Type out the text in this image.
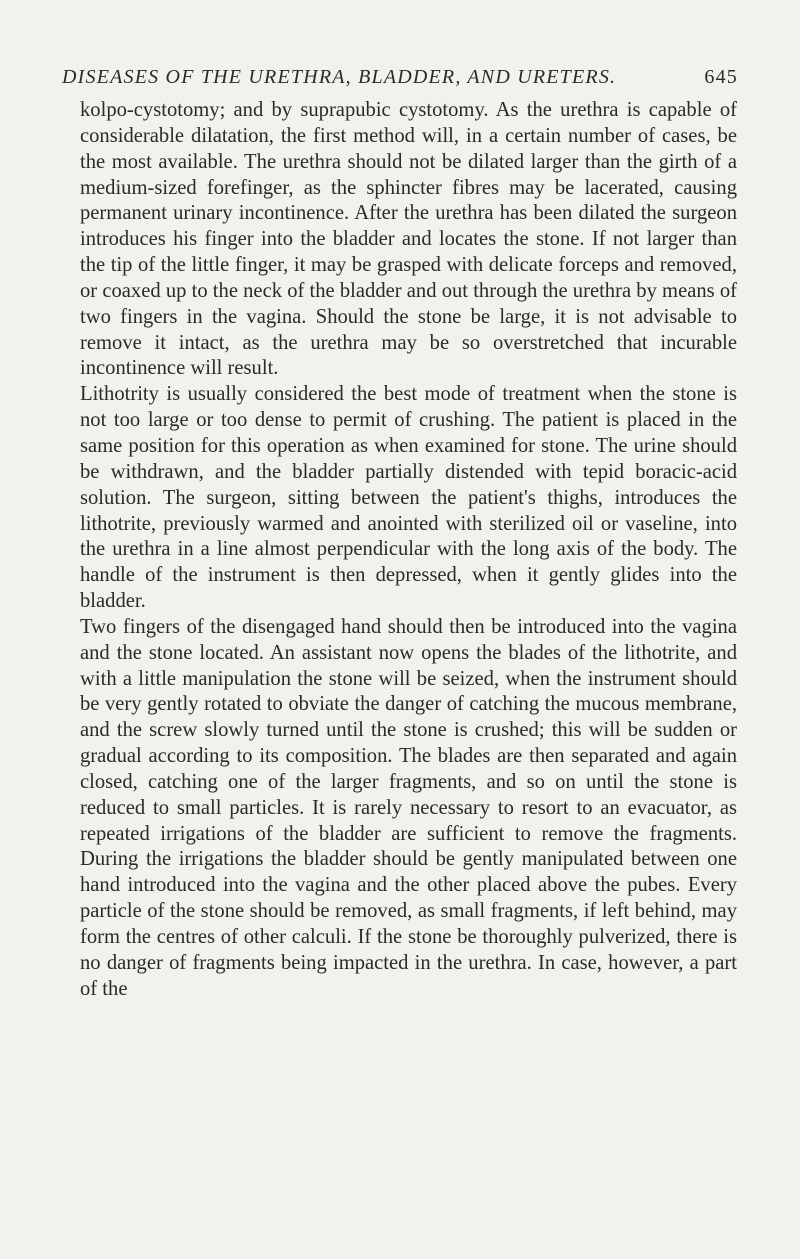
DISEASES OF THE URETHRA, BLADDER, AND URETERS.	645

kolpo-cystotomy; and by suprapubic cystotomy. As the urethra is capable of considerable dilatation, the first method will, in a certain number of cases, be the most available. The urethra should not be dilated larger than the girth of a medium-sized forefinger, as the sphincter fibres may be lacerated, causing permanent urinary incontinence. After the urethra has been dilated the surgeon introduces his finger into the bladder and locates the stone. If not larger than the tip of the little finger, it may be grasped with delicate forceps and removed, or coaxed up to the neck of the bladder and out through the urethra by means of two fingers in the vagina. Should the stone be large, it is not advisable to remove it intact, as the urethra may be so overstretched that incurable incontinence will result.

Lithotrity is usually considered the best mode of treatment when the stone is not too large or too dense to permit of crushing. The patient is placed in the same position for this operation as when examined for stone. The urine should be withdrawn, and the bladder partially distended with tepid boracic-acid solution. The surgeon, sitting between the patient's thighs, introduces the lithotrite, previously warmed and anointed with sterilized oil or vaseline, into the urethra in a line almost perpendicular with the long axis of the body. The handle of the instrument is then depressed, when it gently glides into the bladder.

Two fingers of the disengaged hand should then be introduced into the vagina and the stone located. An assistant now opens the blades of the lithotrite, and with a little manipulation the stone will be seized, when the instrument should be very gently rotated to obviate the danger of catching the mucous membrane, and the screw slowly turned until the stone is crushed; this will be sudden or gradual according to its composition. The blades are then separated and again closed, catching one of the larger fragments, and so on until the stone is reduced to small particles. It is rarely necessary to resort to an evacuator, as repeated irrigations of the bladder are sufficient to remove the fragments. During the irrigations the bladder should be gently manipulated between one hand introduced into the vagina and the other placed above the pubes. Every particle of the stone should be removed, as small fragments, if left behind, may form the centres of other calculi. If the stone be thoroughly pulverized, there is no danger of fragments being impacted in the urethra. In case, however, a part of the
